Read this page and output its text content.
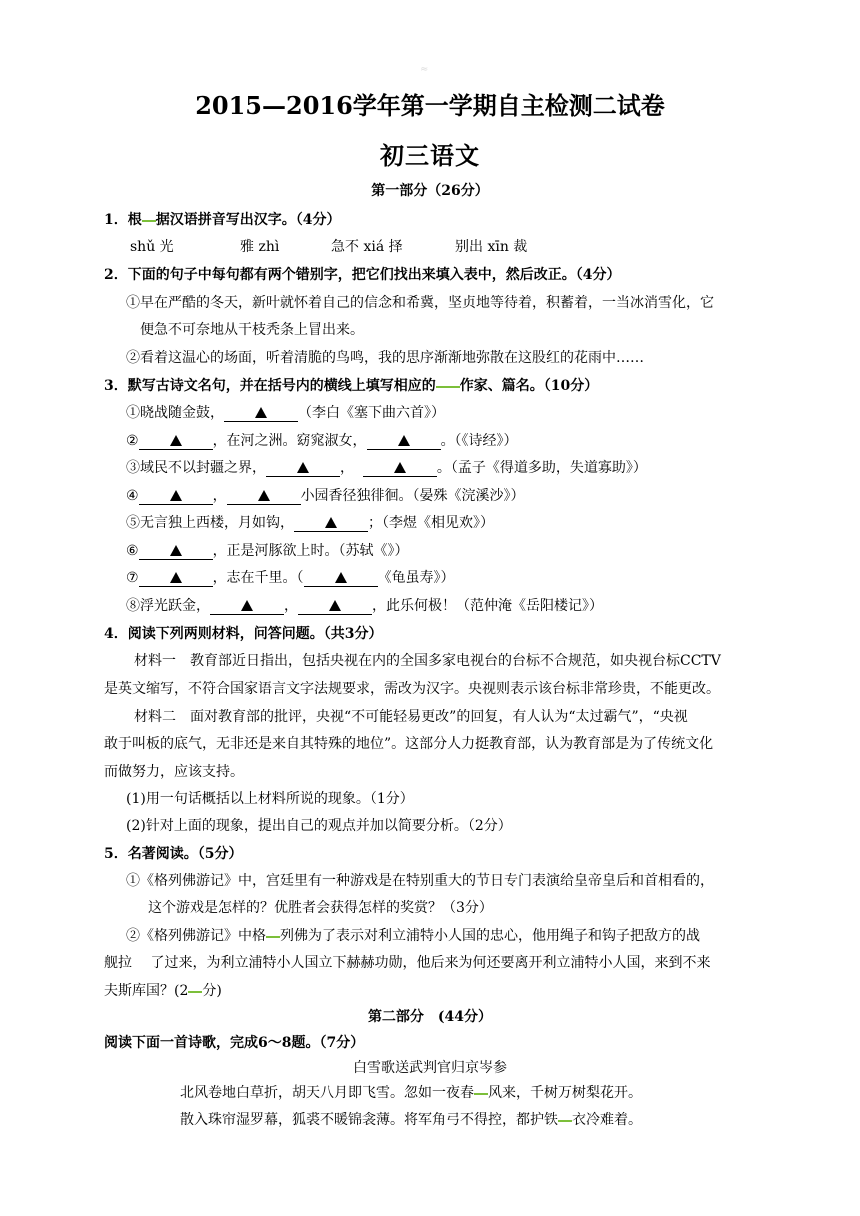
≈
2015—2016学年第一学期自主检测二试卷
初三语文
第一部分（26分）
1．根 据汉语拼音写出汉字。（4分）
shǔ 光	雅 zhì	急不 xiá 择	别出 xīn 裁
2．下面的句子中每句都有两个错别字，把它们找出来填入表中，然后改正。（4分）
①早在严酷的冬天，新叶就怀着自己的信念和希冀，坚贞地等待着，积蓄着，一当冰消雪化，它
便急不可奈地从干枝秃条上冒出来。
②看着这温心的场面，听着清脆的鸟鸣，我的思序渐渐地弥散在这股红的花雨中……
3．默写古诗文名句，并在括号内的横线上填写相应的 作家、篇名。（10分）
①晓战随金鼓，	（李白《塞下曲六首》）
②	，在河之洲。窈窕淑女，	。（《诗经》）
③域民不以封疆之界，	，	。（孟子《得道多助，失道寡助》）
④	，	小园香径独徘徊。（晏殊《浣溪沙》）
⑤无言独上西楼，月如钩，	；（李煜《相见欢》）
⑥	，正是河豚欲上时。（苏轼《》）
⑦	，志在千里。（	《龟虽寿》）
⑧浮光跃金，	，	，此乐何极！（范仲淹《岳阳楼记》）
4．阅读下列两则材料，问答问题。（共3分）
材料一　教育部近日指出，包括央视在内的全国多家电视台的台标不合规范，如央视台标CCTV
是英文缩写，不符合国家语言文字法规要求，需改为汉字。央视则表示该台标非常珍贵，不能更改。
材料二　面对教育部的批评，央视“不可能轻易更改”的回复，有人认为“太过霸气”，“央视
敢于叫板的底气，无非还是来自其特殊的地位”。这部分人力挺教育部，认为教育部是为了传统文化
而做努力，应该支持。
(1)用一句话概括以上材料所说的现象。（1分）
(2)针对上面的现象，提出自己的观点并加以简要分析。（2分）
5．名著阅读。（5分）
①《格列佛游记》中，宫廷里有一种游戏是在特别重大的节日专门表演给皇帝皇后和首相看的，
这个游戏是怎样的？优胜者会获得怎样的奖赏？（3分）
②《格列佛游记》中格 列佛为了表示对利立浦特小人国的忠心，他用绳子和钩子把敌方的战
舰拉　 了过来，为利立浦特小人国立下赫赫功勋，他后来为何还要离开利立浦特小人国，来到不来
夫斯库国？(2 分)
第二部分　(44分）
阅读下面一首诗歌，完成6～8题。（7分）
白雪歌送武判官归京岑参
北风卷地白草折，胡天八月即飞雪。忽如一夜春 风来，千树万树梨花开。
散入珠帘湿罗幕，狐裘不暖锦衾薄。将军角弓不得控，都护铁 衣冷难着。
